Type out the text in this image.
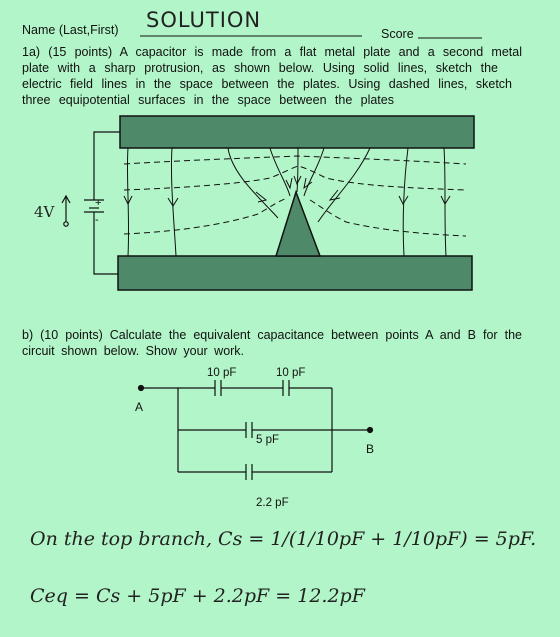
Name (Last,First) SOLUTION
Score
1a) (15 points) A capacitor is made from a flat metal plate and a second metal
plate with a sharp protrusion, as shown below. Using solid lines, sketch the
electric field lines in the space between the plates. Using dashed lines, sketch
three equipotential surfaces in the space between the plates
4V	+
-
b) (10 points) Calculate the equivalent capacitance between points A and B for the
circuit shown below. Show your work.
10 pF	10 pF
5 pF
2.2 pF
A
B
On the top branch, Cs = 1/(1/10pF + 1/10pF) = 5pF.
Ceq = Cs + 5pF + 2.2pF = 12.2pF
